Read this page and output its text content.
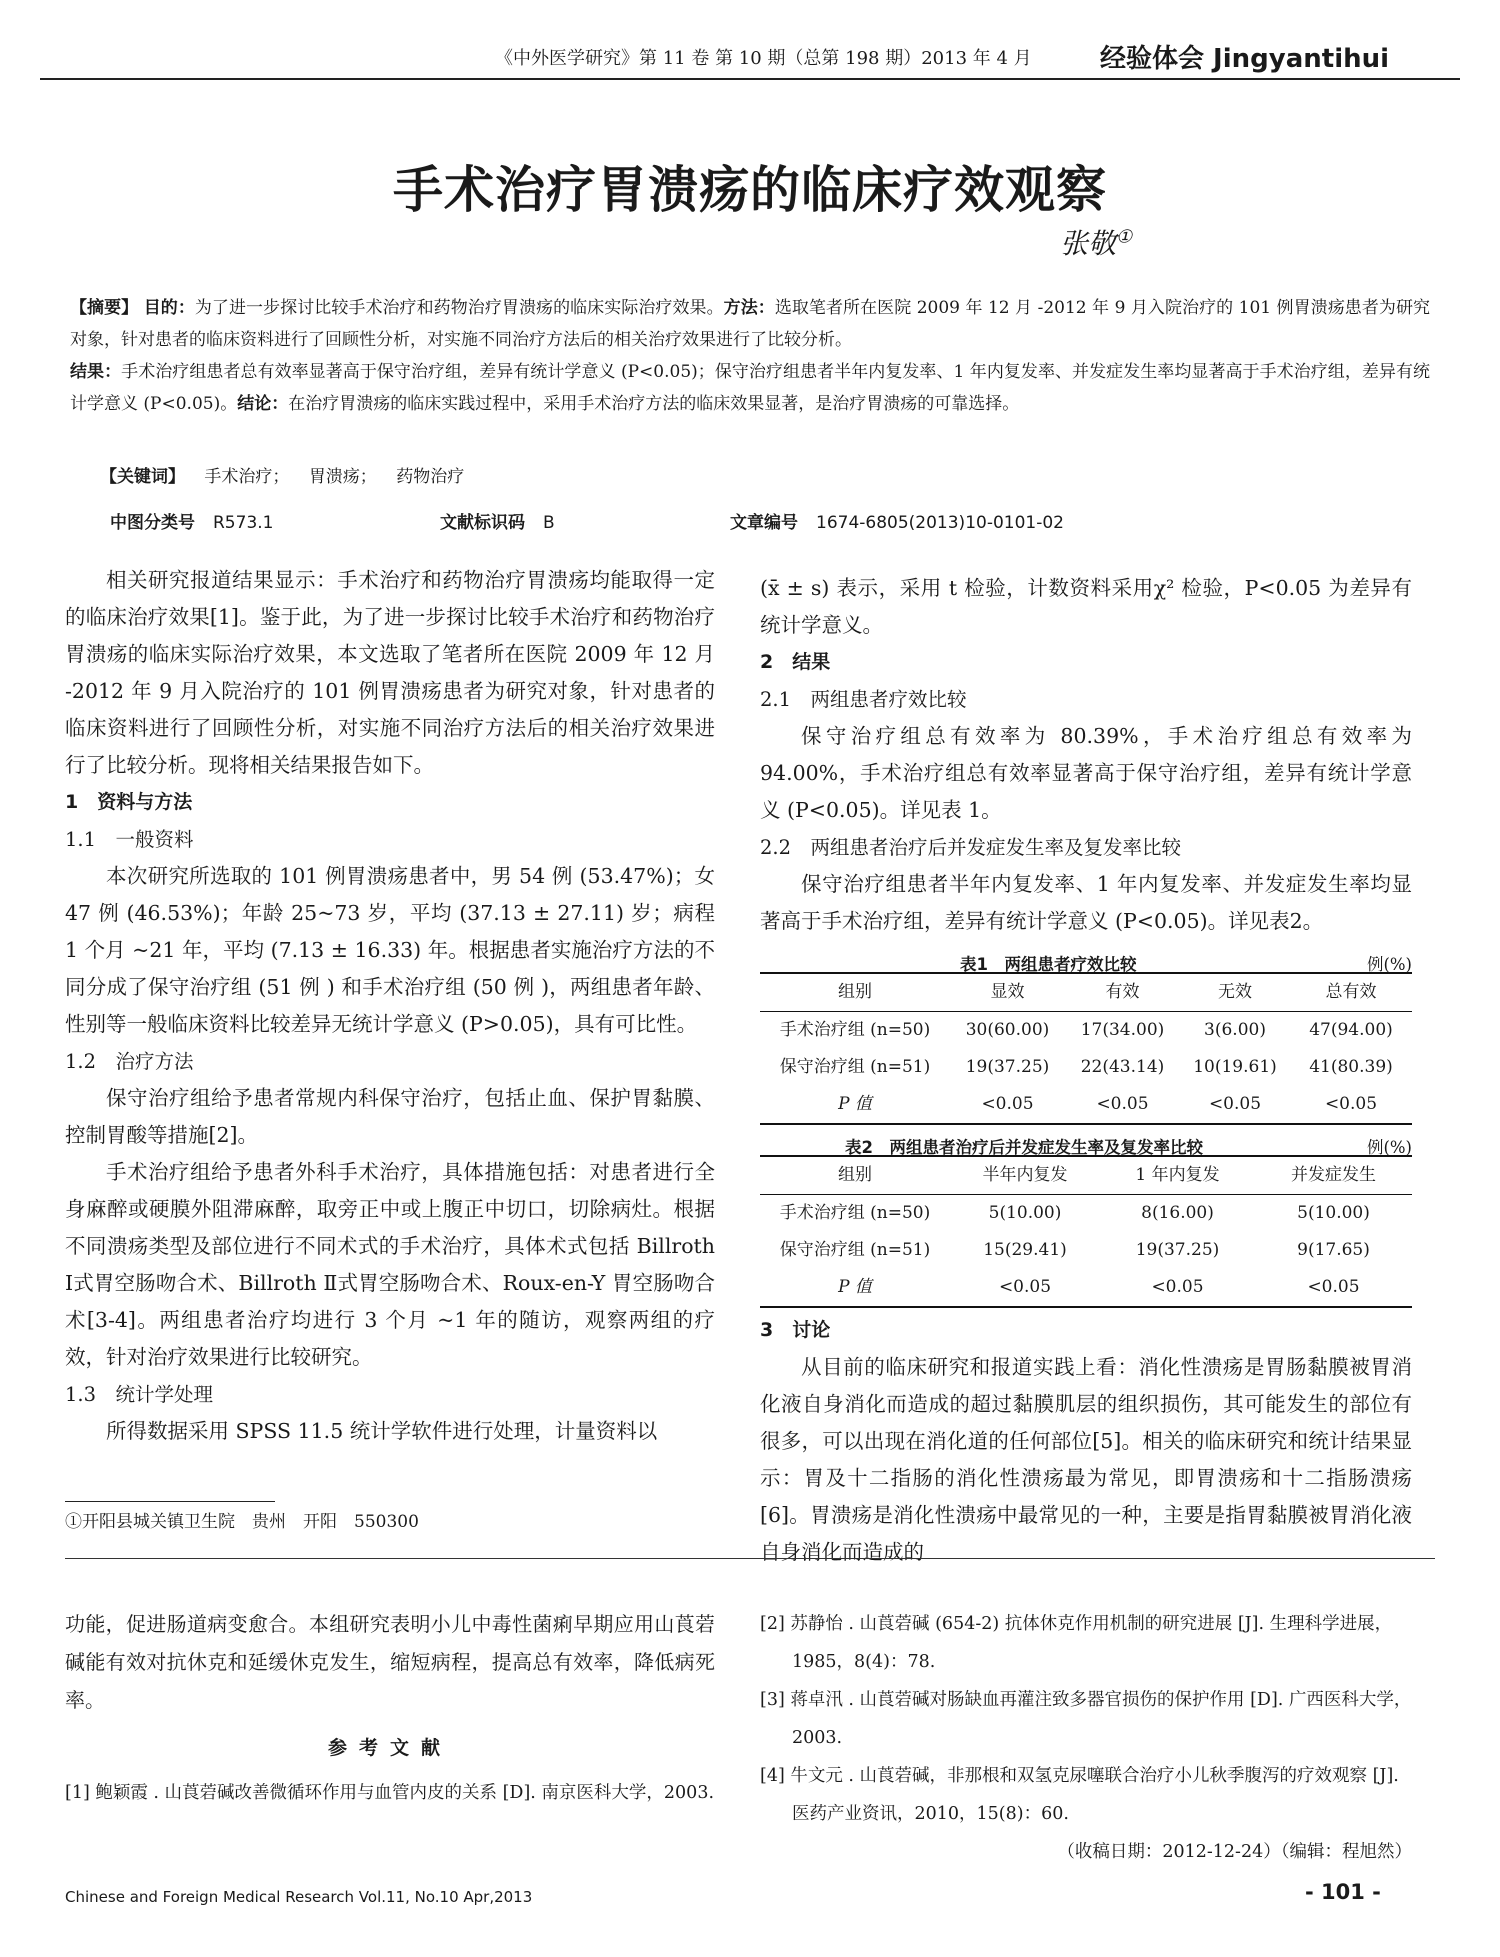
《中外医学研究》第 11 卷 第 10 期（总第 198 期）2013 年 4 月	经验体会 Jingyantihui
手术治疗胃溃疡的临床疗效观察
张敬①
【摘要】 目的：为了进一步探讨比较手术治疗和药物治疗胃溃疡的临床实际治疗效果。方法：选取笔者所在医院 2009 年 12 月 -2012 年 9 月入院治疗的 101 例胃溃疡患者为研究对象，针对患者的临床资料进行了回顾性分析，对实施不同治疗方法后的相关治疗效果进行了比较分析。
结果：手术治疗组患者总有效率显著高于保守治疗组，差异有统计学意义 (P<0.05)；保守治疗组患者半年内复发率、1 年内复发率、并发症发生率均显著高于手术治疗组，差异有统计学意义 (P<0.05)。结论：在治疗胃溃疡的临床实践过程中，采用手术治疗方法的临床效果显著，是治疗胃溃疡的可靠选择。
【关键词】 手术治疗； 胃溃疡； 药物治疗
中图分类号 R573.1	文献标识码 B	文章编号 1674-6805(2013)10-0101-02

相关研究报道结果显示：手术治疗和药物治疗胃溃疡均能取得一定的临床治疗效果[1]。鉴于此，为了进一步探讨比较手术治疗和药物治疗胃溃疡的临床实际治疗效果，本文选取了笔者所在医院 2009 年 12 月 -2012 年 9 月入院治疗的 101 例胃溃疡患者为研究对象，针对患者的临床资料进行了回顾性分析，对实施不同治疗方法后的相关治疗效果进行了比较分析。现将相关结果报告如下。

1　资料与方法

1.1　一般资料

本次研究所选取的 101 例胃溃疡患者中，男 54 例 (53.47%)；女 47 例 (46.53%)；年龄 25~73 岁，平均 (37.13 ± 27.11) 岁；病程 1 个月 ~21 年，平均 (7.13 ± 16.33) 年。根据患者实施治疗方法的不同分成了保守治疗组 (51 例 ) 和手术治疗组 (50 例 )，两组患者年龄、性别等一般临床资料比较差异无统计学意义 (P>0.05)，具有可比性。

1.2　治疗方法

保守治疗组给予患者常规内科保守治疗，包括止血、保护胃黏膜、控制胃酸等措施[2]。

手术治疗组给予患者外科手术治疗，具体措施包括：对患者进行全身麻醉或硬膜外阻滞麻醉，取旁正中或上腹正中切口，切除病灶。根据不同溃疡类型及部位进行不同术式的手术治疗，具体术式包括 Billroth Ⅰ式胃空肠吻合术、Billroth Ⅱ式胃空肠吻合术、Roux-en-Y 胃空肠吻合术[3-4]。两组患者治疗均进行 3 个月 ~1 年的随访，观察两组的疗效，针对治疗效果进行比较研究。

1.3　统计学处理

所得数据采用 SPSS 11.5 统计学软件进行处理，计量资料以

①开阳县城关镇卫生院　贵州　开阳　550300

(x̄ ± s) 表示，采用 t 检验，计数资料采用χ² 检验，P<0.05 为差异有统计学意义。

2　结果

2.1　两组患者疗效比较

保守治疗组总有效率为 80.39%，手术治疗组总有效率为 94.00%，手术治疗组总有效率显著高于保守治疗组，差异有统计学意义 (P<0.05)。详见表 1。

2.2　两组患者治疗后并发症发生率及复发率比较

保守治疗组患者半年内复发率、1 年内复发率、并发症发生率均显著高于手术治疗组，差异有统计学意义 (P<0.05)。详见表2。

表1　两组患者疗效比较	例(%)
组别	显效	有效	无效	总有效
手术治疗组 (n=50)	30(60.00)	17(34.00)	3(6.00)	47(94.00)
保守治疗组 (n=51)	19(37.25)	22(43.14)	10(19.61)	41(80.39)
P 值	<0.05	<0.05	<0.05	<0.05
表2　两组患者治疗后并发症发生率及复发率比较	例(%)
组别	半年内复发	1 年内复发	并发症发生
手术治疗组 (n=50)	5(10.00)	8(16.00)	5(10.00)
保守治疗组 (n=51)	15(29.41)	19(37.25)	9(17.65)
P 值	<0.05	<0.05	<0.05

3　讨论

从目前的临床研究和报道实践上看：消化性溃疡是胃肠黏膜被胃消化液自身消化而造成的超过黏膜肌层的组织损伤，其可能发生的部位有很多，可以出现在消化道的任何部位[5]。相关的临床研究和统计结果显示：胃及十二指肠的消化性溃疡最为常见，即胃溃疡和十二指肠溃疡[6]。胃溃疡是消化性溃疡中最常见的一种，主要是指胃黏膜被胃消化液自身消化而造成的

功能，促进肠道病变愈合。本组研究表明小儿中毒性菌痢早期应用山莨菪碱能有效对抗休克和延缓休克发生，缩短病程，提高总有效率，降低病死率。
参考文献
[1] 鲍颖霞 . 山莨菪碱改善微循环作用与血管内皮的关系 [D]. 南京医科大学，2003.
[2] 苏静怡 . 山莨菪碱 (654-2) 抗体休克作用机制的研究进展 [J]. 生理科学进展，1985，8(4)：78.
[3] 蒋卓汛 . 山莨菪碱对肠缺血再灌注致多器官损伤的保护作用 [D]. 广西医科大学，2003.
[4] 牛文元 . 山莨菪碱，非那根和双氢克尿噻联合治疗小儿秋季腹泻的疗效观察 [J]. 医药产业资讯，2010，15(8)：60.
（收稿日期：2012-12-24）（编辑：程旭然）
Chinese and Foreign Medical Research Vol.11, No.10 Apr,2013	- 101 -
